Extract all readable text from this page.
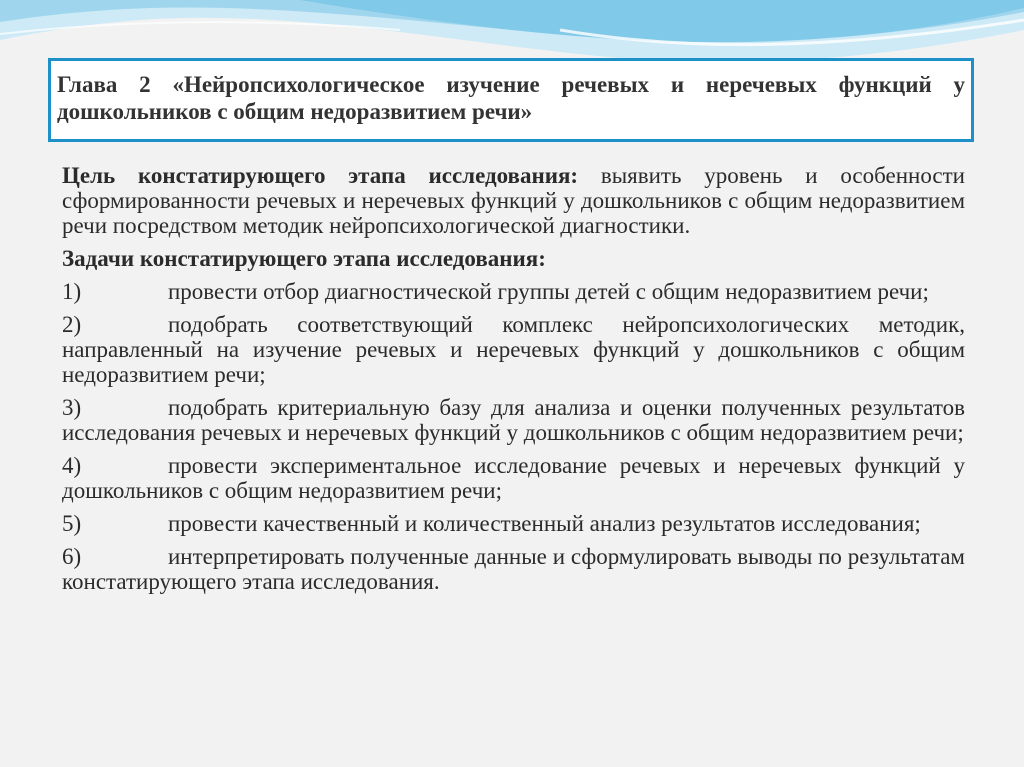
Глава 2 «Нейропсихологическое изучение речевых и неречевых функций у дошкольников с общим недоразвитием речи»

Цель констатирующего этапа исследования: выявить уровень и особенности сформированности речевых и неречевых функций у дошкольников с общим недоразвитием речи посредством методик нейропсихологической диагностики.

Задачи констатирующего этапа исследования:

1)	провести отбор диагностической группы детей с общим недоразвитием речи;

2)	подобрать соответствующий комплекс нейропсихологических методик, направленный на изучение речевых и неречевых функций у дошкольников с общим недоразвитием речи;

3)	подобрать критериальную базу для анализа и оценки полученных результатов исследования речевых и неречевых функций у дошкольников с общим недоразвитием речи;

4)	провести экспериментальное исследование речевых и неречевых функций у дошкольников с общим недоразвитием речи;

5)	провести качественный и количественный анализ результатов исследования;

6)	интерпретировать полученные данные и сформулировать выводы по результатам констатирующего этапа исследования.
